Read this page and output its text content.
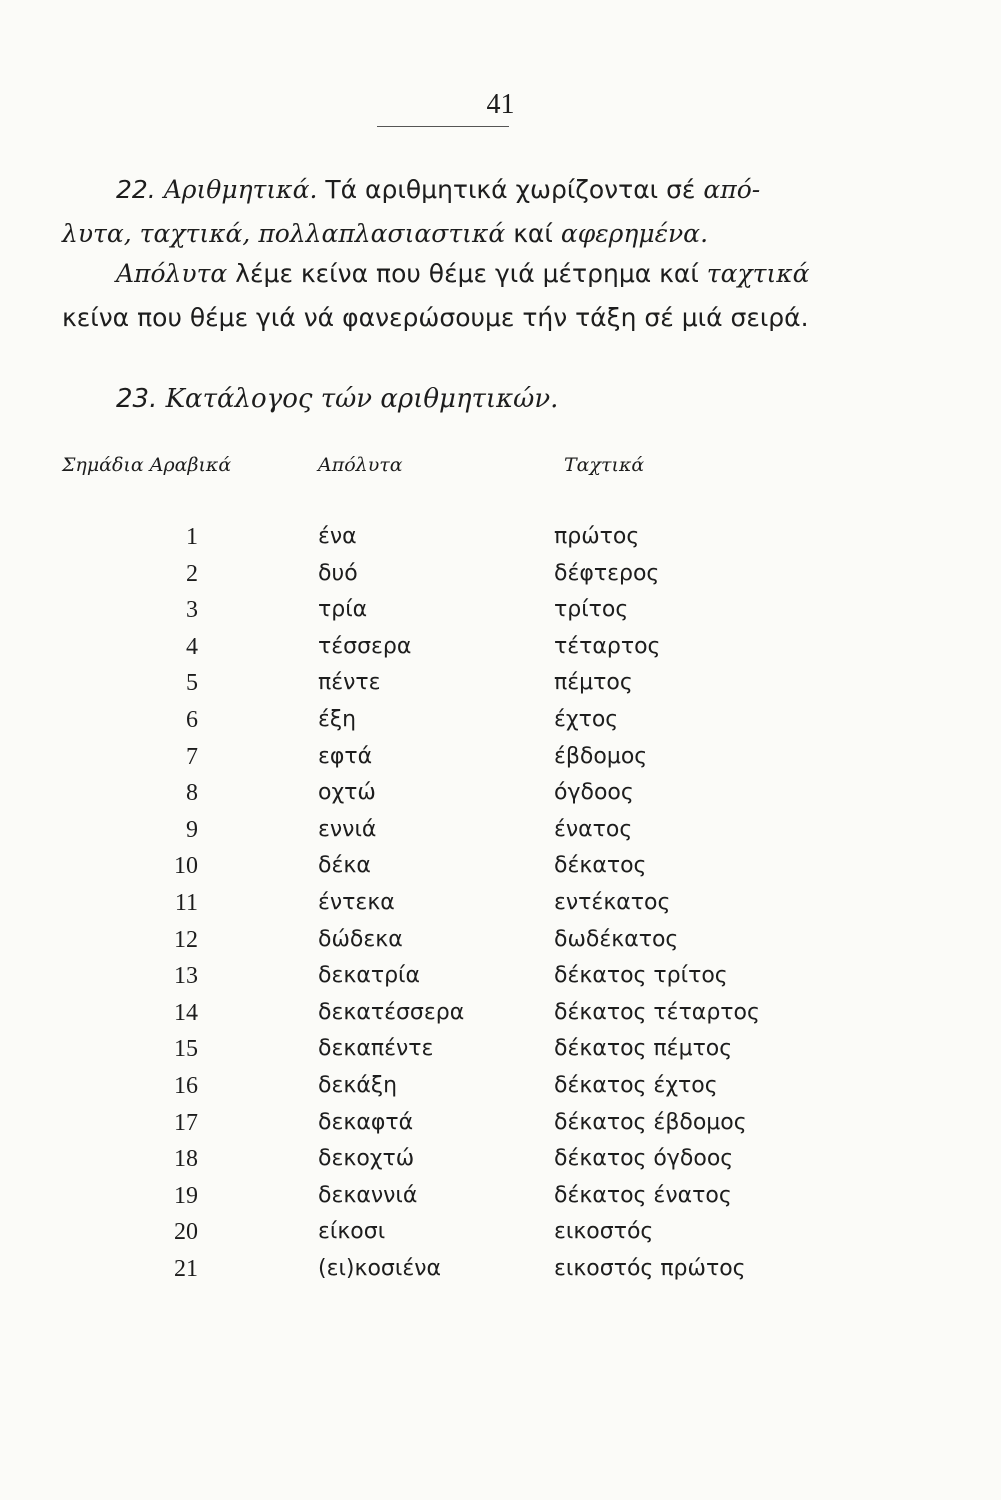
41

22. Αριθμητικά. Τά αριθμητικά χωρίζονται σέ από-
λυτα, ταχτικά, πολλαπλασιαστικά καί αφερημένα.

Απόλυτα λέμε κείνα που θέμε γιά μέτρημα καί ταχτικά
κείνα που θέμε γιά νά φανερώσουμε τήν τάξη σέ μιά σειρά.

23. Κατάλογος τών αριθμητικών.

Σημάδια Αραβικά	Απόλυτα	Ταχτικά
1	ένα	πρώτος
2	δυό	δέφτερος
3	τρία	τρίτος
4	τέσσερα	τέταρτος
5	πέντε	πέμτος
6	έξη	έχτος
7	εφτά	έβδομος
8	οχτώ	όγδοος
9	εννιά	ένατος
10	δέκα	δέκατος
11	έντεκα	εντέκατος
12	δώδεκα	δωδέκατος
13	δεκατρία	δέκατος τρίτος
14	δεκατέσσερα	δέκατος τέταρτος
15	δεκαπέντε	δέκατος πέμτος
16	δεκάξη	δέκατος έχτος
17	δεκαφτά	δέκατος έβδομος
18	δεκοχτώ	δέκατος όγδοος
19	δεκαννιά	δέκατος ένατος
20	είκοσι	εικοστός
21	(ει)κοσιένα	εικοστός πρώτος
